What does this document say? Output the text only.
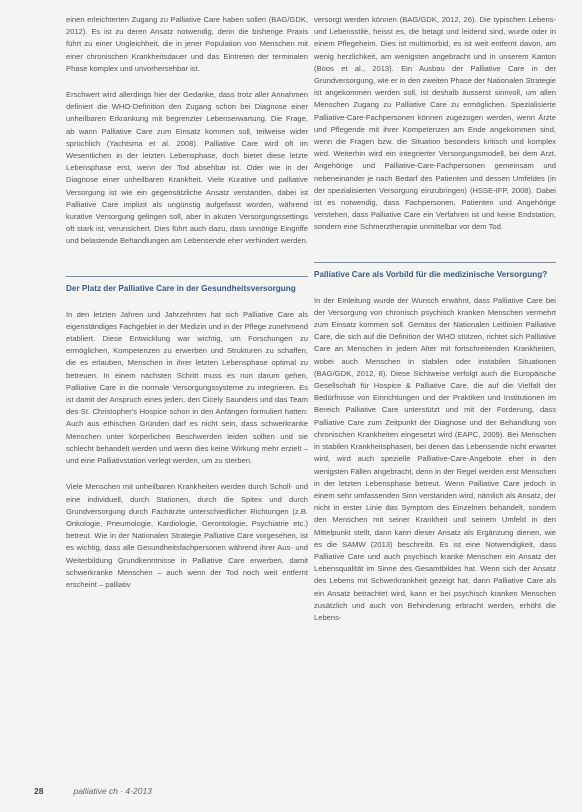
einen erleichterten Zugang zu Palliative Care haben sollen (BAG/GDK, 2012). Es ist zu deren Ansatz notwendig, denn die bisherige Praxis führt zu einer Ungleichheit, die in jener Population von Menschen mit einer chronischen Krankheitsdauer und das Eintreten der terminalen Phase komplex und unvorhersehbar ist.

Erschwert wird allerdings hier der Gedanke, dass trotz aller Annahmen definiert die WHO-Definition den Zugang schon bei Diagnose einer unheilbaren Erkrankung mit begrenzter Lebenserwartung. Die Frage, ab wann Palliative Care zum Einsatz kommen soll, teilweise wider sprüchlich (Yachtsma et al. 2008). Palliative Care wird oft im Wesentlichen in der letzten Lebensphase, doch bietet diese letzte Lebensphase erst, wenn der Tod absehbar ist. Oder wie in der Diagnose einer unheilbaren Krankheit. Viele Kurative und palliative Versorgung ist wie ein gegensätzliche Ansatz verstanden, dabei ist Palliative Care implizit als ungünstig aufgefasst worden, während kurative Versorgung gelingen soll, aber in akuten Versorgungssettings oft stark ist, verunsichert. Dies führt auch dazu, dass unnötige Eingriffe und belastende Behandlungen am Lebensende eher verhindert werden.

Der Platz der Palliative Care in der Gesundheitsversorgung

In den letzten Jahren und Jahrzehnten hat sich Palliative Care als eigenständiges Fachgebiet in der Medizin und in der Pflege zunehmend etabliert. Diese Entwicklung war wichtig, um Forschungen zu ermöglichen, Kompetenzen zu erwerben und Strukturen zu schaffen, die es erlauben, Menschen in ihrer letzten Lebensphase optimal zu betreuen. In einem nächsten Schritt muss es nun darum gehen, Palliative Care in die normale Versorgungssysteme zu integrieren. Es ist damit der Anspruch eines jeden, den Cicely Saunders und das Team des St. Christopher's Hospice schon in den Anfängen formuliert hatten: Auch aus ethischen Gründen darf es nicht sein, dass schwerkranke Menschen unter körperlichen Beschwerden leiden sollten und sie schlecht behandelt werden und wenn dies keine Wirkung mehr erzielt – und eine Palliativstation verlegt werden, um zu sterben.

Viele Menschen mit unheilbaren Krankheiten werden durch Scholl- und eine individuell, durch Stationen, durch die Spitex und durch Grundversorgung durch Fachärzte unterschiedlicher Richtungen (z.B. Onkologie, Pneumologie, Kardiologie, Gerontologie, Psychiatrie etc.) betreut. Wie in der Nationalen Strategie Palliative Care vorgesehen, ist es wichtig, dass alle Gesundheitsfachpersonen während ihrer Aus- und Weiterbildung Grundkenntnisse in Palliative Care erwerben, damit schwerkranke Menschen – auch wenn der Tod noch weit entfernt erscheint – palliativ

versorgt werden können (BAG/GDK, 2012, 26). Die typischen Lebens- und Lebensstile, heisst es, die betagt und leidend sind, wurde oder in einem Pflegeheim. Dies ist multimorbid, es ist weit entfernt davon, am wenig herzlichkeit, am wenigsten angebracht und in unserem Kanton (Boos et al., 2013). Ein Ausbau der Palliative Care in der Grundversorgung, wie er in den zweiten Phase der Nationalen Strategie ist angekommen werden soll, ist deshalb äusserst sinnvoll, um allen Menschen Zugang zu Palliative Care zu ermöglichen. Spezialisierte Palliative-Care-Fachpersonen können zugezogen werden, wenn Ärzte und Pflegende mit ihrer Kompetenzen am Ende angekommen sind, wenn die Fragen bzw. die Situation besonders kritisch und komplex wird. Weiterhin wird ein integrierter Versorgungsmodell, bei dem Arzt, Angehörige und Palliative-Care-Fachpersonen gemeinsam und nebeneinander je nach Bedarf des Patienten und dessen Umfeldes (in der spezialisierten Versorgung einzubringen) (HSSE-IFP, 2008). Dabei ist es notwendig, dass Fachpersonen, Patienten und Angehörige verstehen, dass Palliative Care ein Verfahren ist und keine Endstation, sondern eine Schmerztherapie unmittelbar vor dem Tod.

Palliative Care als Vorbild für die medizinische Versorgung?

In der Einleitung wurde der Wunsch erwähnt, dass Palliative Care bei der Versorgung von chronisch psychisch kranken Menschen vermehrt zum Einsatz kommen soll. Gemäss der Nationalen Leitlinien Palliative Care, die sich auf die Definition der WHO stützen, richtet sich Palliative Care an Menschen in jedem Alter mit fortschreitenden Krankheiten, wobei auch Menschen in stabilen oder instabilen Situationen (BAG/GDK, 2012, 8). Diese Sichtweise verfolgt auch die Europäische Gesellschaft für Hospice & Palliative Care, die auf die Vielfalt der Bedürfnisse von Einrichtungen und der Praktiken und Institutionen im Bereich Palliative Care unterstützt und mit der Forderung, dass Palliative Care zum Zeitpunkt der Diagnose und der Behandlung von chronischen Krankheiten eingesetzt wird (EAPC, 2009). Bei Menschen in stabilen Krankheitsphasen, bei denen das Lebensende nicht erwartet wird, wird auch spezielle Palliative-Care-Angebote eher in den wenigsten Fällen angebracht, denn in der Regel werden erst Menschen in der letzten Lebensphase betreut. Wenn Palliative Care jedoch in einem sehr umfassenden Sinn verstanden wird, nämlich als Ansatz, der nicht in erster Linie das Symptom des Einzelnen behandelt, sondern den Menschen mit seiner Krankheit und seinem Umfeld in den Mittelpunkt stellt, dann kann dieser Ansatz als Ergänzung dienen, wie es die SAMW (2013) beschreibt. Es ist eine Notwendigkeit, dass Palliative Care und auch psychisch kranke Menschen ein Ansatz der Lebensqualität im Sinne des Gesamtbildes hat. Wenn sich der Ansatz des Lebens mit Schwerkrankheit gezeigt hat, dann Palliative Care als ein Ansatz betrachtet wird, kann er bei psychisch kranken Menschen zusätzlich und auch von Behinderung erbracht werden, erhöht die Lebens-

28	palliative ch · 4-2013
